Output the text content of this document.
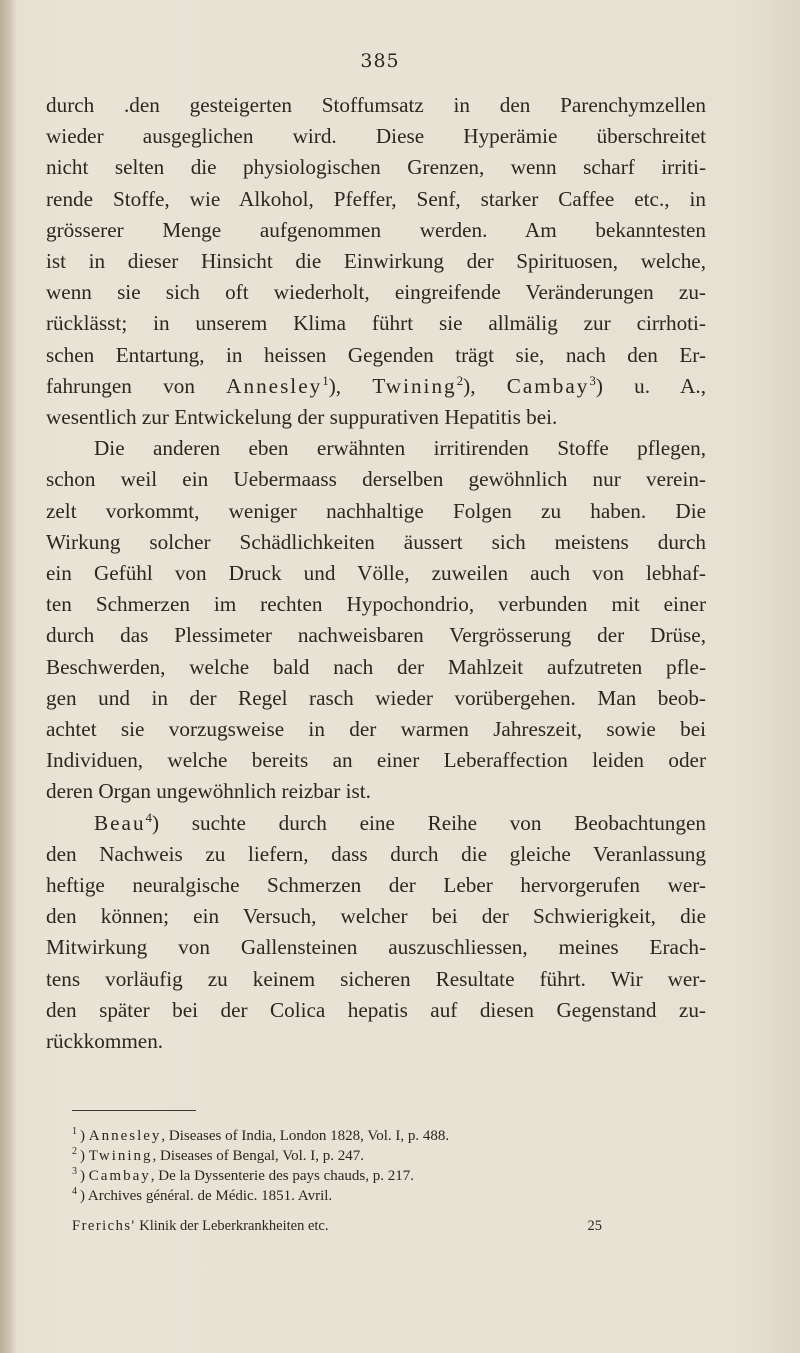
385
durch .den gesteigerten Stoffumsatz in den Parenchymzellen
wieder ausgeglichen wird. Diese Hyperämie überschreitet
nicht selten die physiologischen Grenzen, wenn scharf irriti-
rende Stoffe, wie Alkohol, Pfeffer, Senf, starker Caffee etc., in
grösserer Menge aufgenommen werden. Am bekanntesten
ist in dieser Hinsicht die Einwirkung der Spirituosen, welche,
wenn sie sich oft wiederholt, eingreifende Veränderungen zu-
rücklässt; in unserem Klima führt sie allmälig zur cirrhoti-
schen Entartung, in heissen Gegenden trägt sie, nach den Er-
fahrungen von Annesley$^1$), Twining$^2$), Cambay$^3$) u. A.,
wesentlich zur Entwickelung der suppurativen Hepatitis bei.
Die anderen eben erwähnten irritirenden Stoffe pflegen,
schon weil ein Uebermaass derselben gewöhnlich nur verein-
zelt vorkommt, weniger nachhaltige Folgen zu haben. Die
Wirkung solcher Schädlichkeiten äussert sich meistens durch
ein Gefühl von Druck und Völle, zuweilen auch von lebhaf-
ten Schmerzen im rechten Hypochondrio, verbunden mit einer
durch das Plessimeter nachweisbaren Vergrösserung der Drüse,
Beschwerden, welche bald nach der Mahlzeit aufzutreten pfle-
gen und in der Regel rasch wieder vorübergehen. Man beob-
achtet sie vorzugsweise in der warmen Jahreszeit, sowie bei
Individuen, welche bereits an einer Leberaffection leiden oder
deren Organ ungewöhnlich reizbar ist.
Beau$^4$) suchte durch eine Reihe von Beobachtungen
den Nachweis zu liefern, dass durch die gleiche Veranlassung
heftige neuralgische Schmerzen der Leber hervorgerufen wer-
den können; ein Versuch, welcher bei der Schwierigkeit, die
Mitwirkung von Gallensteinen auszuschliessen, meines Erach-
tens vorläufig zu keinem sicheren Resultate führt. Wir wer-
den später bei der Colica hepatis auf diesen Gegenstand zu-
rückkommen.
$^1$ ) Annesley, Diseases of India, London 1828, Vol. I, p. 488.
$^2$ ) Twining, Diseases of Bengal, Vol. I, p. 247.
$^3$ ) Cambay, De la Dyssenterie des pays chauds, p. 217.
$^4$ ) Archives général. de Médic. 1851. Avril.
Frerichs' Klinik der Leberkrankheiten etc.	25
